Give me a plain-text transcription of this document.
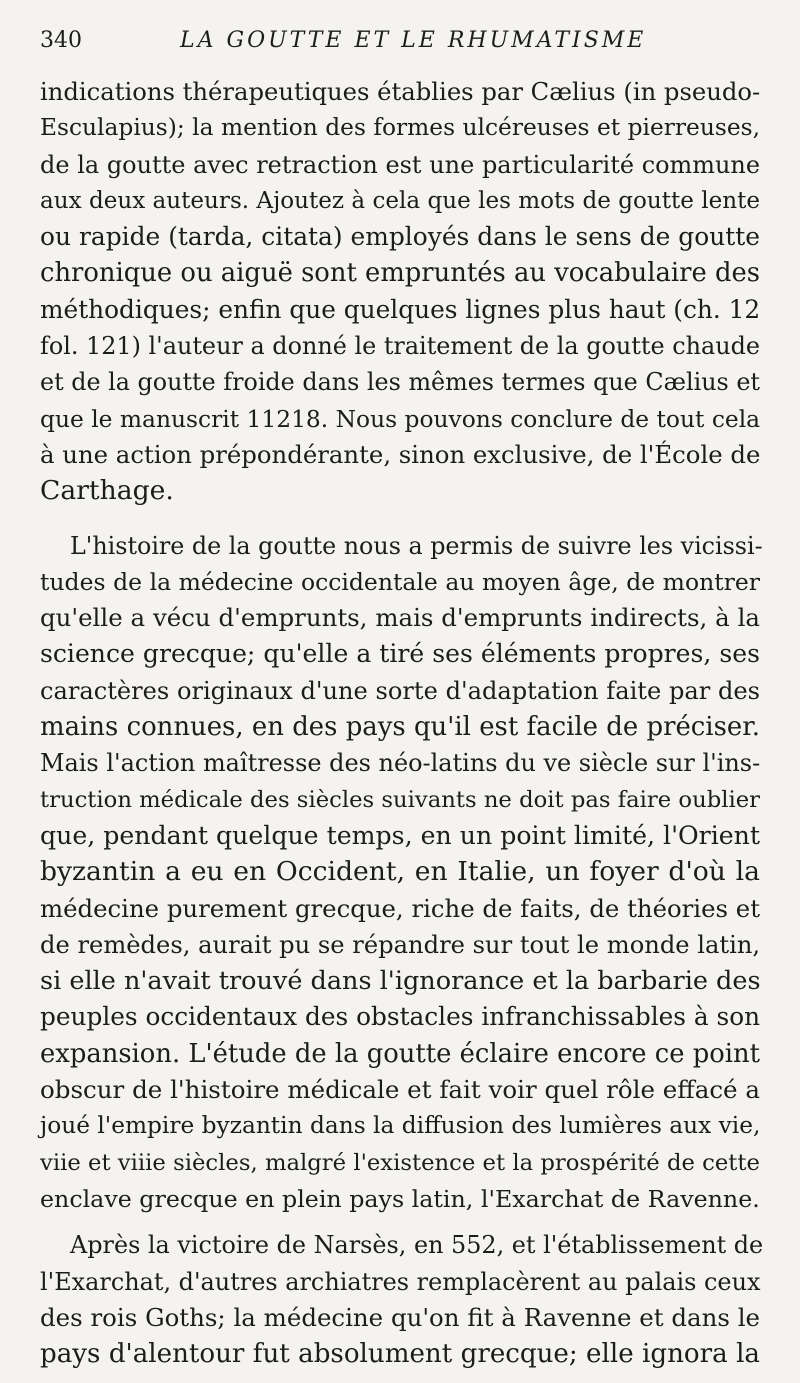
340	LA GOUTTE ET LE RHUMATISME

indications thérapeutiques établies par Cælius (in pseudo-
Esculapius); la mention des formes ulcéreuses et pierreuses,
de la goutte avec retraction est une particularité commune
aux deux auteurs. Ajoutez à cela que les mots de goutte lente
ou rapide (tarda, citata) employés dans le sens de goutte
chronique ou aiguë sont empruntés au vocabulaire des
méthodiques; enfin que quelques lignes plus haut (ch. 12
fol. 121) l'auteur a donné le traitement de la goutte chaude
et de la goutte froide dans les mêmes termes que Cælius et
que le manuscrit 11218. Nous pouvons conclure de tout cela
à une action prépondérante, sinon exclusive, de l'École de
Carthage.

L'histoire de la goutte nous a permis de suivre les vicissi-
tudes de la médecine occidentale au moyen âge, de montrer
qu'elle a vécu d'emprunts, mais d'emprunts indirects, à la
science grecque; qu'elle a tiré ses éléments propres, ses
caractères originaux d'une sorte d'adaptation faite par des
mains connues, en des pays qu'il est facile de préciser.
Mais l'action maîtresse des néo-latins du ve siècle sur l'ins-
truction médicale des siècles suivants ne doit pas faire oublier
que, pendant quelque temps, en un point limité, l'Orient
byzantin a eu en Occident, en Italie, un foyer d'où la
médecine purement grecque, riche de faits, de théories et
de remèdes, aurait pu se répandre sur tout le monde latin,
si elle n'avait trouvé dans l'ignorance et la barbarie des
peuples occidentaux des obstacles infranchissables à son
expansion. L'étude de la goutte éclaire encore ce point
obscur de l'histoire médicale et fait voir quel rôle effacé a
joué l'empire byzantin dans la diffusion des lumières aux vie,
viie et viiie siècles, malgré l'existence et la prospérité de cette
enclave grecque en plein pays latin, l'Exarchat de Ravenne.

Après la victoire de Narsès, en 552, et l'établissement de
l'Exarchat, d'autres archiatres remplacèrent au palais ceux
des rois Goths; la médecine qu'on fit à Ravenne et dans le
pays d'alentour fut absolument grecque; elle ignora la
